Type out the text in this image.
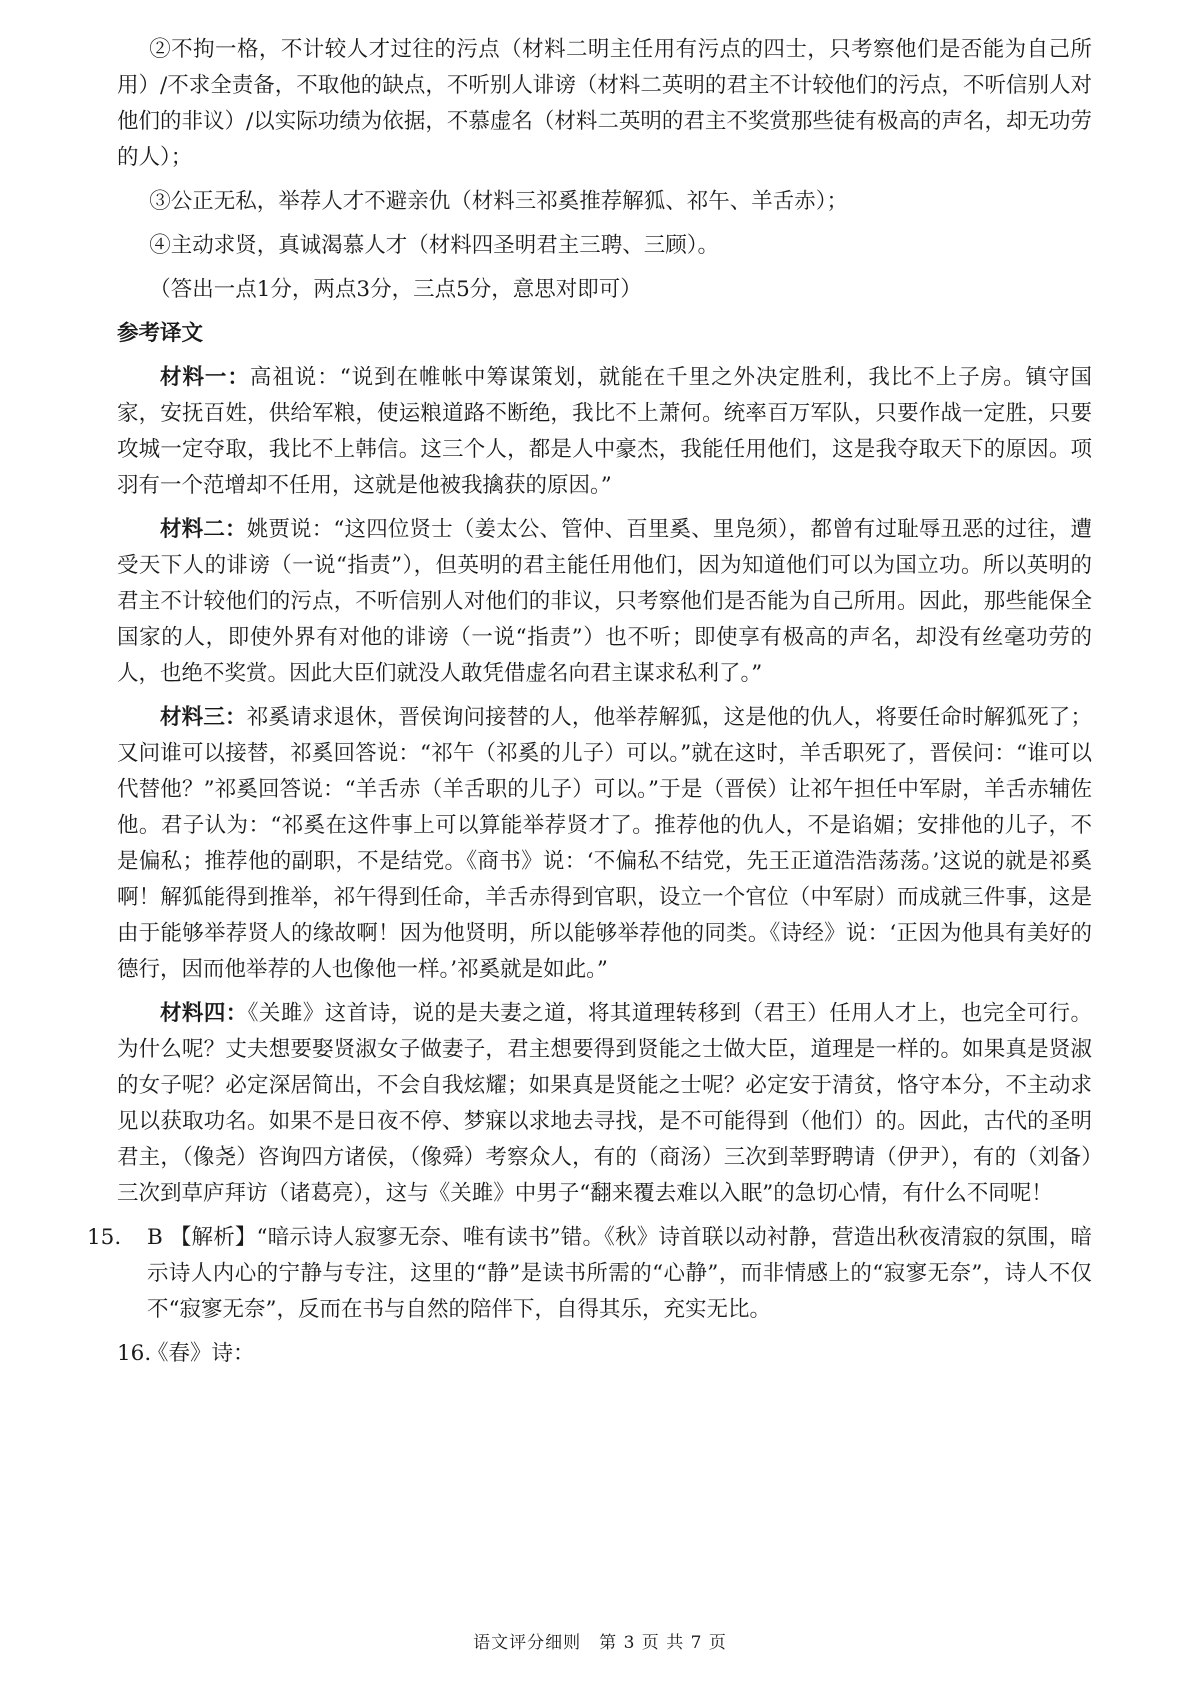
②不拘一格，不计较人才过往的污点（材料二明主任用有污点的四士，只考察他们是否能为自己所用）/不求全责备，不取他的缺点，不听别人诽谤（材料二英明的君主不计较他们的污点，不听信别人对他们的非议）/以实际功绩为依据，不慕虚名（材料二英明的君主不奖赏那些徒有极高的声名，却无功劳的人）；

③公正无私，举荐人才不避亲仇（材料三祁奚推荐解狐、祁午、羊舌赤）；

④主动求贤，真诚渴慕人才（材料四圣明君主三聘、三顾）。

（答出一点1分，两点3分，三点5分，意思对即可）

参考译文

材料一：高祖说：“说到在帷帐中筹谋策划，就能在千里之外决定胜利，我比不上子房。镇守国家，安抚百姓，供给军粮，使运粮道路不断绝，我比不上萧何。统率百万军队，只要作战一定胜，只要攻城一定夺取，我比不上韩信。这三个人，都是人中豪杰，我能任用他们，这是我夺取天下的原因。项羽有一个范增却不任用，这就是他被我擒获的原因。”

材料二：姚贾说：“这四位贤士（姜太公、管仲、百里奚、里凫须），都曾有过耻辱丑恶的过往，遭受天下人的诽谤（一说“指责”），但英明的君主能任用他们，因为知道他们可以为国立功。所以英明的君主不计较他们的污点，不听信别人对他们的非议，只考察他们是否能为自己所用。因此，那些能保全国家的人，即使外界有对他的诽谤（一说“指责”）也不听；即使享有极高的声名，却没有丝毫功劳的人，也绝不奖赏。因此大臣们就没人敢凭借虚名向君主谋求私利了。”

材料三：祁奚请求退休，晋侯询问接替的人，他举荐解狐，这是他的仇人，将要任命时解狐死了；又问谁可以接替，祁奚回答说：“祁午（祁奚的儿子）可以。”就在这时，羊舌职死了，晋侯问：“谁可以代替他？”祁奚回答说：“羊舌赤（羊舌职的儿子）可以。”于是（晋侯）让祁午担任中军尉，羊舌赤辅佐他。君子认为：“祁奚在这件事上可以算能举荐贤才了。推荐他的仇人，不是谄媚；安排他的儿子，不是偏私；推荐他的副职，不是结党。《商书》说：‘不偏私不结党，先王正道浩浩荡荡。’这说的就是祁奚啊！解狐能得到推举，祁午得到任命，羊舌赤得到官职，设立一个官位（中军尉）而成就三件事，这是由于能够举荐贤人的缘故啊！因为他贤明，所以能够举荐他的同类。《诗经》说：‘正因为他具有美好的德行，因而他举荐的人也像他一样。’祁奚就是如此。”

材料四：《关雎》这首诗，说的是夫妻之道，将其道理转移到（君王）任用人才上，也完全可行。为什么呢？丈夫想要娶贤淑女子做妻子，君主想要得到贤能之士做大臣，道理是一样的。如果真是贤淑的女子呢？必定深居简出，不会自我炫耀；如果真是贤能之士呢？必定安于清贫，恪守本分，不主动求见以获取功名。如果不是日夜不停、梦寐以求地去寻找，是不可能得到（他们）的。因此，古代的圣明君主，（像尧）咨询四方诸侯，（像舜）考察众人，有的（商汤）三次到莘野聘请（伊尹），有的（刘备）三次到草庐拜访（诸葛亮），这与《关雎》中男子“翻来覆去难以入眠”的急切心情，有什么不同呢！

15. B 【解析】“暗示诗人寂寥无奈、唯有读书”错。《秋》诗首联以动衬静，营造出秋夜清寂的氛围，暗示诗人内心的宁静与专注，这里的“静”是读书所需的“心静”，而非情感上的“寂寥无奈”，诗人不仅不“寂寥无奈”，反而在书与自然的陪伴下，自得其乐，充实无比。

16.《春》诗：

语文评分细则　第 3 页 共 7 页
